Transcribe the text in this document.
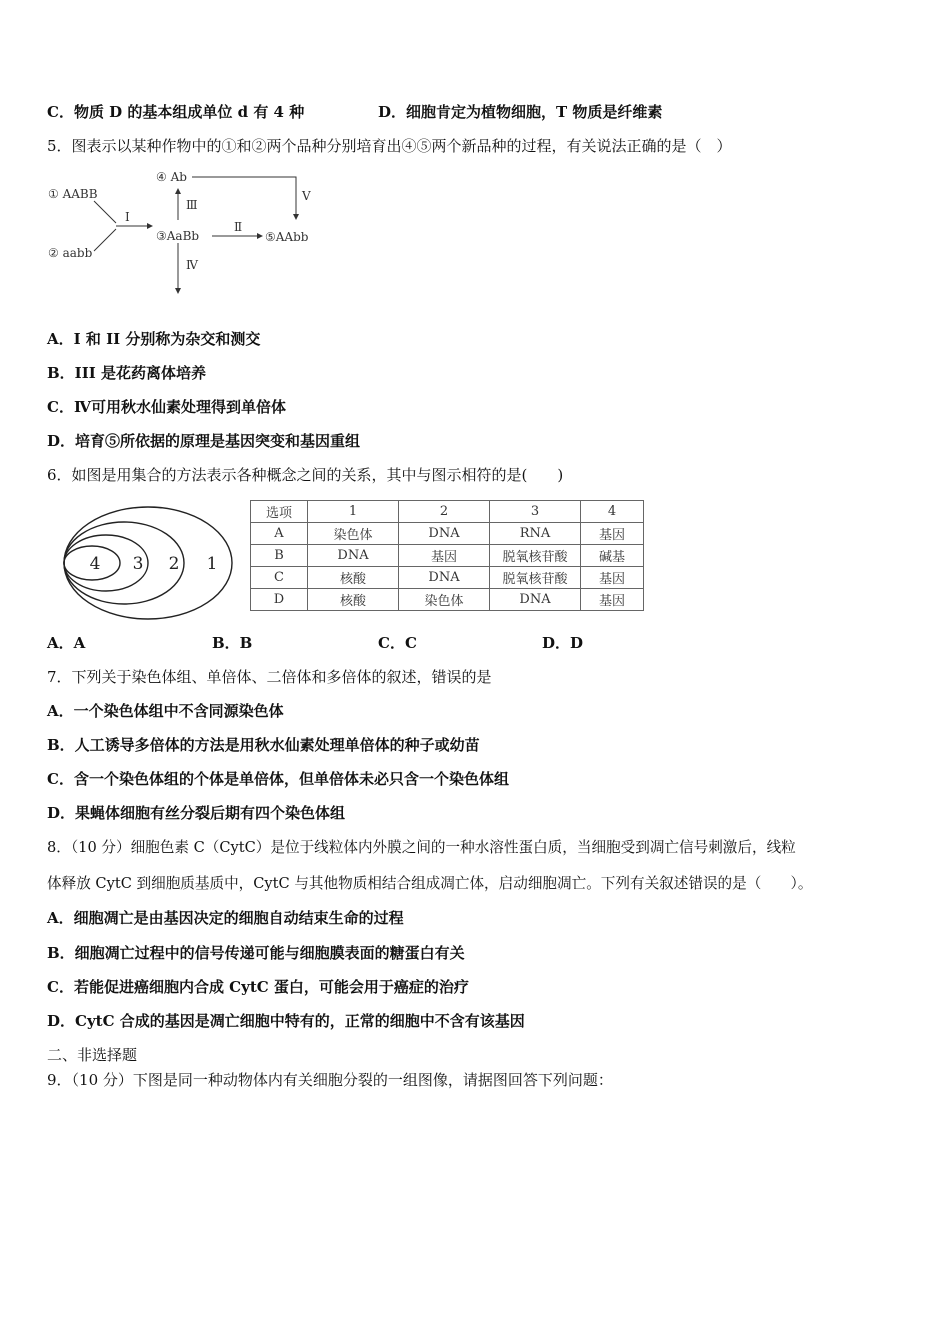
C．物质 D 的基本组成单位 d 有 4 种	D．细胞肯定为植物细胞，T 物质是纤维素
5．图表示以某种作物中的①和②两个品种分别培育出④⑤两个新品种的过程，有关说法正确的是（　）
① AABB
② aabb
③AaBb
④ Ab
⑤AAbb
Ⅰ
Ⅱ
Ⅲ
Ⅳ
Ⅴ
A．I 和 II 分别称为杂交和测交
B．III 是花药离体培养
C．Ⅳ可用秋水仙素处理得到单倍体
D．培育⑤所依据的原理是基因突变和基因重组
6．如图是用集合的方法表示各种概念之间的关系，其中与图示相符的是(　　)
4 3 2 1
选项	1	2	3	4
A	染色体	DNA	RNA	基因
B	DNA	基因	脱氧核苷酸	碱基
C	核酸	DNA	脱氧核苷酸	基因
D	核酸	染色体	DNA	基因
A．A	B．B	C．C	D．D
7．下列关于染色体组、单倍体、二倍体和多倍体的叙述，错误的是
A．一个染色体组中不含同源染色体
B．人工诱导多倍体的方法是用秋水仙素处理单倍体的种子或幼苗
C．含一个染色体组的个体是单倍体，但单倍体未必只含一个染色体组
D．果蝇体细胞有丝分裂后期有四个染色体组
8．（10 分）细胞色素 C（CytC）是位于线粒体内外膜之间的一种水溶性蛋白质，当细胞受到凋亡信号刺激后，线粒
体释放 CytC 到细胞质基质中，CytC 与其他物质相结合组成凋亡体，启动细胞凋亡。下列有关叙述错误的是（　　）。
A．细胞凋亡是由基因决定的细胞自动结束生命的过程
B．细胞凋亡过程中的信号传递可能与细胞膜表面的糖蛋白有关
C．若能促进癌细胞内合成 CytC 蛋白，可能会用于癌症的治疗
D．CytC 合成的基因是凋亡细胞中特有的，正常的细胞中不含有该基因
二、非选择题
9．（10 分）下图是同一种动物体内有关细胞分裂的一组图像，请据图回答下列问题：
